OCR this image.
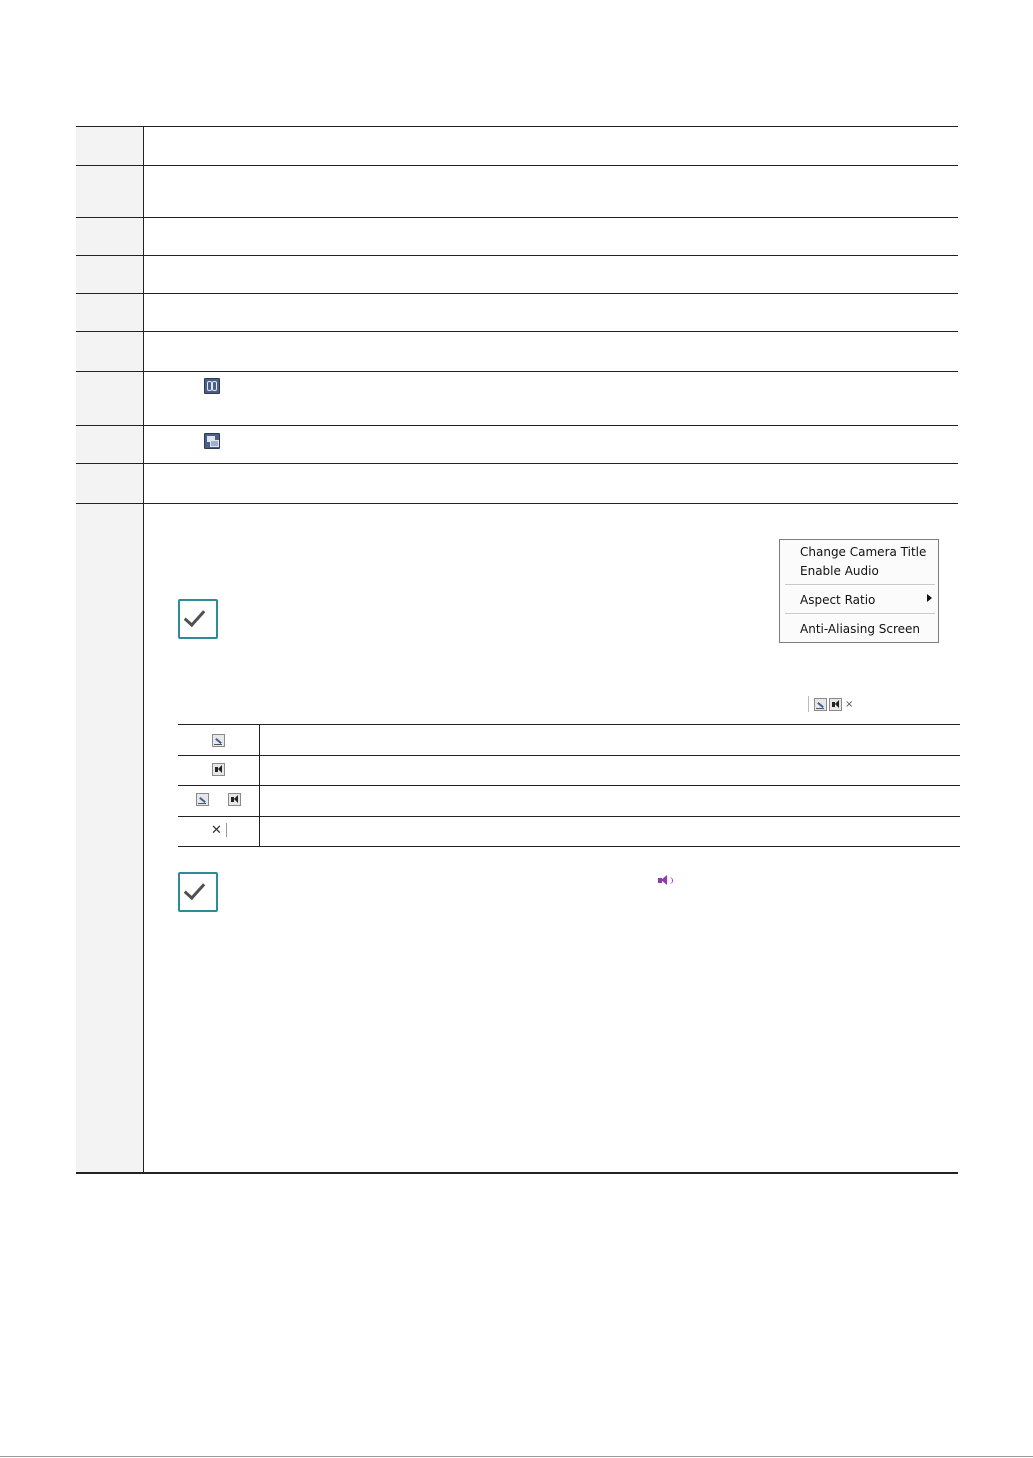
Change Camera Title
Enable Audio
Aspect Ratio
Anti-Aliasing Screen
×
✕
